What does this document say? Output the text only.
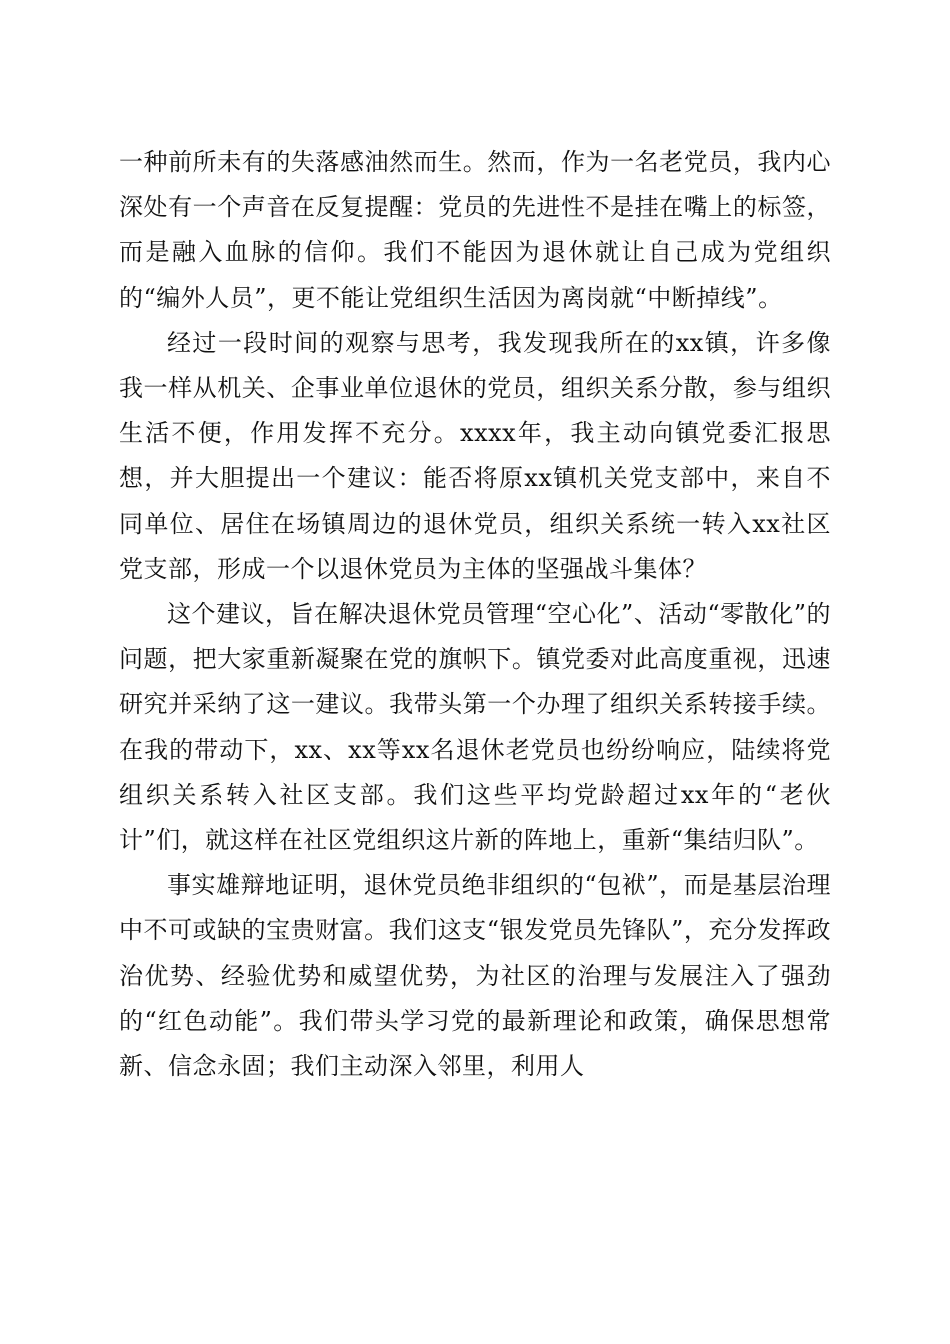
一种前所未有的失落感油然而生。然而，作为一名老党员，我内心深处有一个声音在反复提醒：党员的先进性不是挂在嘴上的标签，而是融入血脉的信仰。我们不能因为退休就让自己成为党组织的“编外人员”，更不能让党组织生活因为离岗就“中断掉线”。

经过一段时间的观察与思考，我发现我所在的xx镇，许多像我一样从机关、企事业单位退休的党员，组织关系分散，参与组织生活不便，作用发挥不充分。xxxx年，我主动向镇党委汇报思想，并大胆提出一个建议：能否将原xx镇机关党支部中，来自不同单位、居住在场镇周边的退休党员，组织关系统一转入xx社区党支部，形成一个以退休党员为主体的坚强战斗集体？

这个建议，旨在解决退休党员管理“空心化”、活动“零散化”的问题，把大家重新凝聚在党的旗帜下。镇党委对此高度重视，迅速研究并采纳了这一建议。我带头第一个办理了组织关系转接手续。在我的带动下，xx、xx等xx名退休老党员也纷纷响应，陆续将党组织关系转入社区支部。我们这些平均党龄超过xx年的“老伙计”们，就这样在社区党组织这片新的阵地上，重新“集结归队”。

事实雄辩地证明，退休党员绝非组织的“包袱”，而是基层治理中不可或缺的宝贵财富。我们这支“银发党员先锋队”，充分发挥政治优势、经验优势和威望优势，为社区的治理与发展注入了强劲的“红色动能”。我们带头学习党的最新理论和政策，确保思想常新、信念永固；我们主动深入邻里，利用人
